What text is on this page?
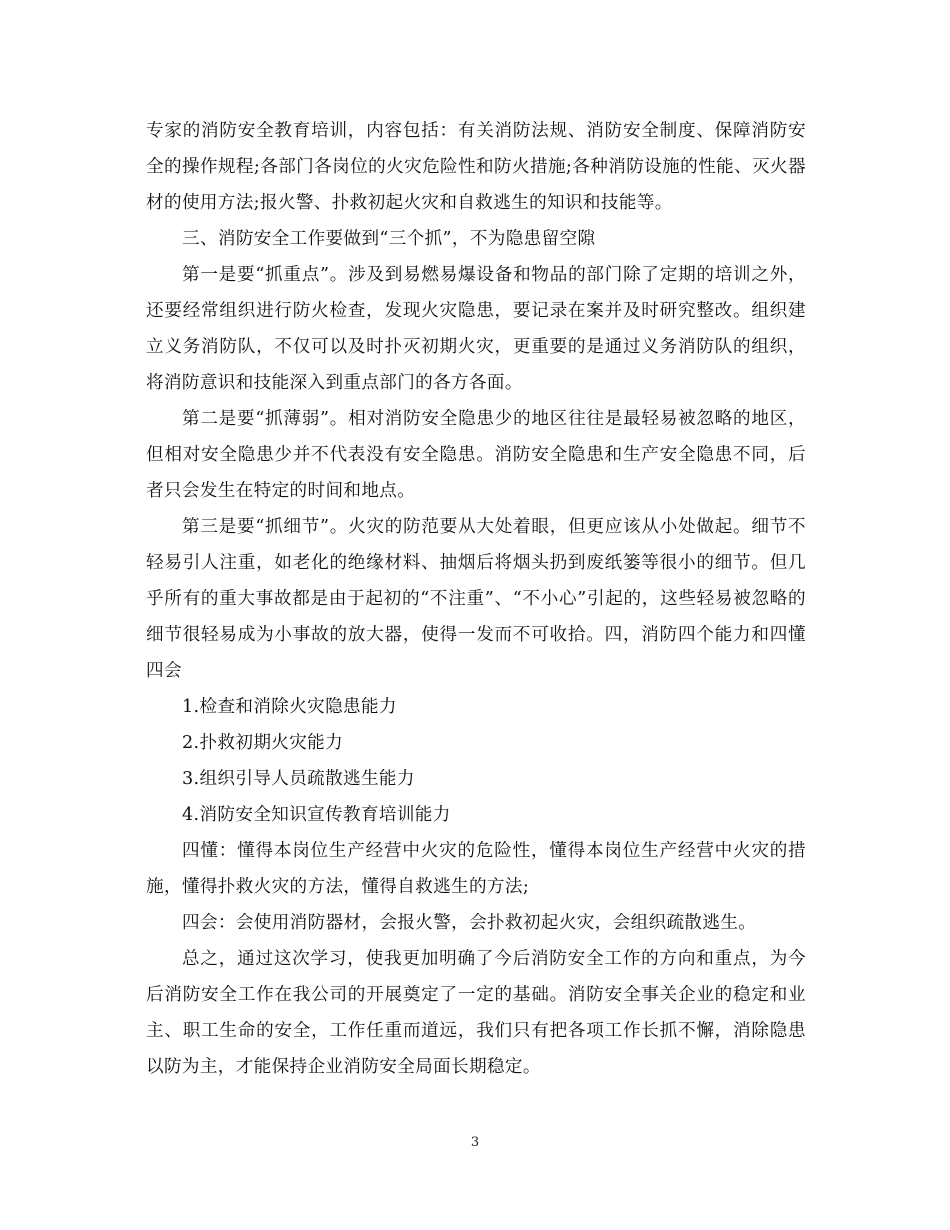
专家的消防安全教育培训，内容包括：有关消防法规、消防安全制度、保障消防安全的操作规程;各部门各岗位的火灾危险性和防火措施;各种消防设施的性能、灭火器材的使用方法;报火警、扑救初起火灾和自救逃生的知识和技能等。

三、消防安全工作要做到“三个抓”，不为隐患留空隙

第一是要“抓重点”。涉及到易燃易爆设备和物品的部门除了定期的培训之外，还要经常组织进行防火检查，发现火灾隐患，要记录在案并及时研究整改。组织建立义务消防队，不仅可以及时扑灭初期火灾，更重要的是通过义务消防队的组织，将消防意识和技能深入到重点部门的各方各面。

第二是要“抓薄弱”。相对消防安全隐患少的地区往往是最轻易被忽略的地区，但相对安全隐患少并不代表没有安全隐患。消防安全隐患和生产安全隐患不同，后者只会发生在特定的时间和地点。

第三是要“抓细节”。火灾的防范要从大处着眼，但更应该从小处做起。细节不轻易引人注重，如老化的绝缘材料、抽烟后将烟头扔到废纸篓等很小的细节。但几乎所有的重大事故都是由于起初的“不注重”、“不小心”引起的，这些轻易被忽略的细节很轻易成为小事故的放大器，使得一发而不可收拾。四，消防四个能力和四懂四会

1.检查和消除火灾隐患能力

2.扑救初期火灾能力

3.组织引导人员疏散逃生能力

4.消防安全知识宣传教育培训能力

四懂：懂得本岗位生产经营中火灾的危险性，懂得本岗位生产经营中火灾的措施，懂得扑救火灾的方法，懂得自救逃生的方法;

四会：会使用消防器材，会报火警，会扑救初起火灾，会组织疏散逃生。

总之，通过这次学习，使我更加明确了今后消防安全工作的方向和重点，为今后消防安全工作在我公司的开展奠定了一定的基础。消防安全事关企业的稳定和业主、职工生命的安全，工作任重而道远，我们只有把各项工作长抓不懈，消除隐患以防为主，才能保持企业消防安全局面长期稳定。

3
